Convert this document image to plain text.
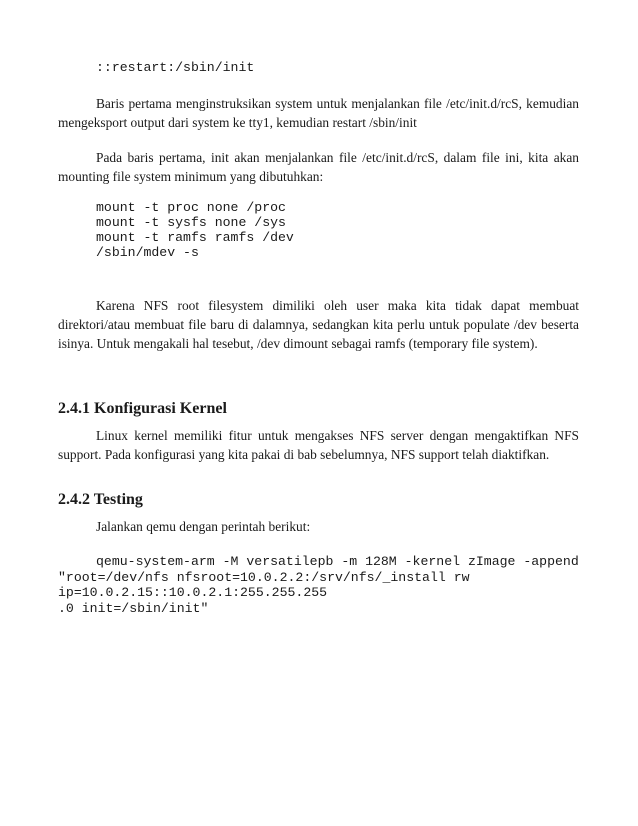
::restart:/sbin/init

Baris pertama menginstruksikan system untuk menjalankan file /etc/init.d/rcS, kemudian mengeksport output dari system ke tty1, kemudian restart /sbin/init

Pada baris pertama, init akan menjalankan file /etc/init.d/rcS, dalam file ini, kita akan mounting file system minimum yang dibutuhkan:

mount -t proc none /proc
mount -t sysfs none /sys
mount -t ramfs ramfs /dev
/sbin/mdev -s

Karena NFS root filesystem dimiliki oleh user maka kita tidak dapat membuat direktori/atau membuat file baru di dalamnya, sedangkan kita perlu untuk populate /dev beserta isinya. Untuk mengakali hal tesebut, /dev dimount sebagai ramfs (temporary file system).

2.4.1 Konfigurasi Kernel

Linux kernel memiliki fitur untuk mengakses NFS server dengan mengaktifkan NFS support. Pada konfigurasi yang kita pakai di bab sebelumnya, NFS support telah diaktifkan.

2.4.2 Testing

Jalankan qemu dengan perintah berikut:

qemu-system-arm -M versatilepb -m 128M -kernel zImage -append
"root=/dev/nfs nfsroot=10.0.2.2:/srv/nfs/_install rw
ip=10.0.2.15::10.0.2.1:255.255.255
.0 init=/sbin/init"
